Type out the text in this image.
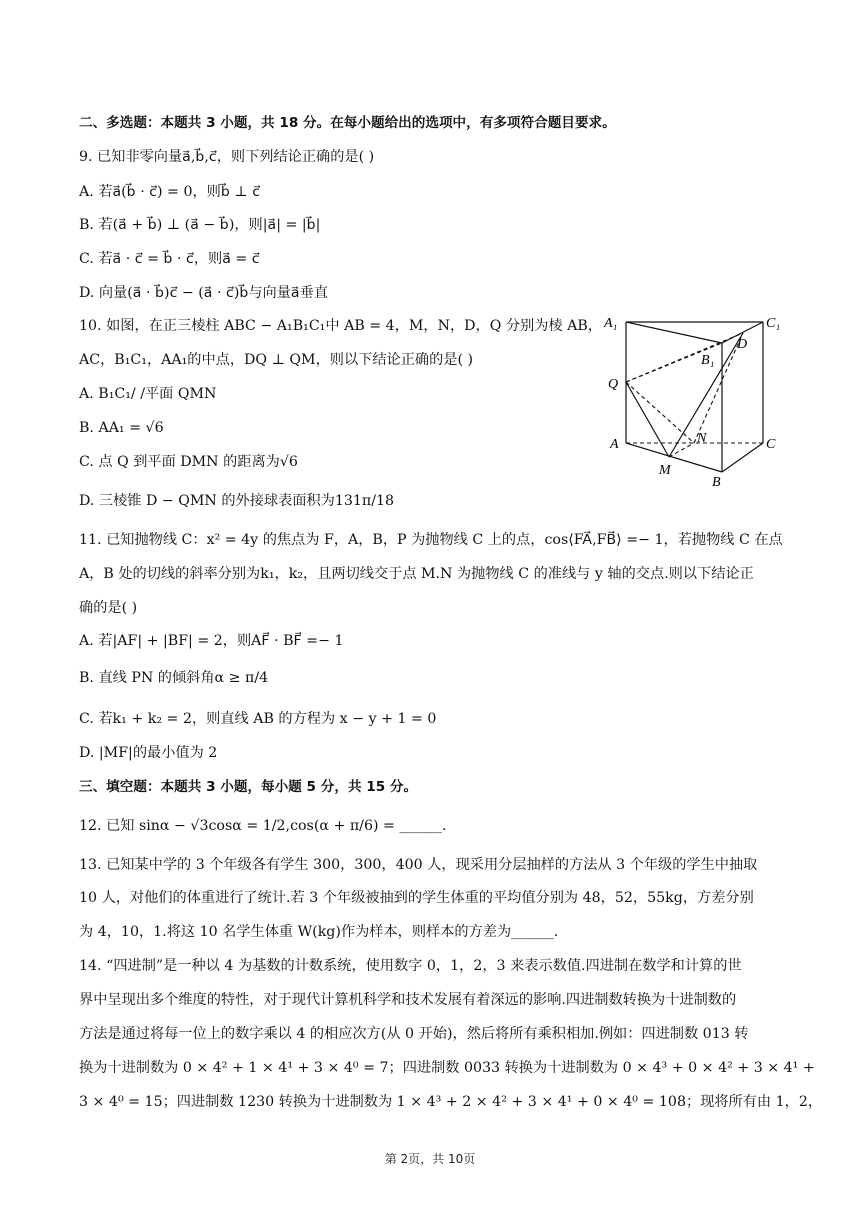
二、多选题：本题共 3 小题，共 18 分。在每小题给出的选项中，有多项符合题目要求。
9. 已知非零向量a⃗,b⃗,c⃗，则下列结论正确的是( )
A. 若a⃗(b⃗ · c⃗) = 0，则b⃗ ⊥ c⃗
B. 若(a⃗ + b⃗) ⊥ (a⃗ − b⃗)，则|a⃗| = |b⃗|
C. 若a⃗ · c⃗ = b⃗ · c⃗，则a⃗ = c⃗
D. 向量(a⃗ · b⃗)c⃗ − (a⃗ · c⃗)b⃗与向量a⃗垂直
10. 如图，在正三棱柱 ABC − A₁B₁C₁中 AB = 4，M，N，D，Q 分别为棱 AB，
AC，B₁C₁，AA₁的中点，DQ ⊥ QM，则以下结论正确的是( )
A. B₁C₁/ /平面 QMN
B. AA₁ = √6
C. 点 Q 到平面 DMN 的距离为√6
D. 三棱锥 D − QMN 的外接球表面积为131π/18
A₁	C₁
B₁
D
Q
N
A	C
M
B
11. 已知抛物线 C：x² = 4y 的焦点为 F，A，B，P 为抛物线 C 上的点，cos⟨FA⃗,FB⃗⟩ =− 1，若抛物线 C 在点
A，B 处的切线的斜率分别为k₁，k₂，且两切线交于点 M.N 为抛物线 C 的准线与 y 轴的交点.则以下结论正
确的是( )
A. 若|AF| + |BF| = 2，则AF⃗ · BF⃗ =− 1
B. 直线 PN 的倾斜角α ≥ π/4
C. 若k₁ + k₂ = 2，则直线 AB 的方程为 x − y + 1 = 0
D. |MF|的最小值为 2
三、填空题：本题共 3 小题，每小题 5 分，共 15 分。
12. 已知 sinα − √3cosα = 1/2,cos(α + π/6) = ______.
13. 已知某中学的 3 个年级各有学生 300，300，400 人，现采用分层抽样的方法从 3 个年级的学生中抽取
10 人，对他们的体重进行了统计.若 3 个年级被抽到的学生体重的平均值分别为 48，52，55kg，方差分别
为 4，10，1.将这 10 名学生体重 W(kg)作为样本，则样本的方差为______.
14. “四进制”是一种以 4 为基数的计数系统，使用数字 0，1，2，3 来表示数值.四进制在数学和计算的世
界中呈现出多个维度的特性，对于现代计算机科学和技术发展有着深远的影响.四进制数转换为十进制数的
方法是通过将每一位上的数字乘以 4 的相应次方(从 0 开始)，然后将所有乘积相加.例如：四进制数 013 转
换为十进制数为 0 × 4² + 1 × 4¹ + 3 × 4⁰ = 7；四进制数 0033 转换为十进制数为 0 × 4³ + 0 × 4² + 3 × 4¹ +
3 × 4⁰ = 15；四进制数 1230 转换为十进制数为 1 × 4³ + 2 × 4² + 3 × 4¹ + 0 × 4⁰ = 108；现将所有由 1，2，
第 2页，共 10页
